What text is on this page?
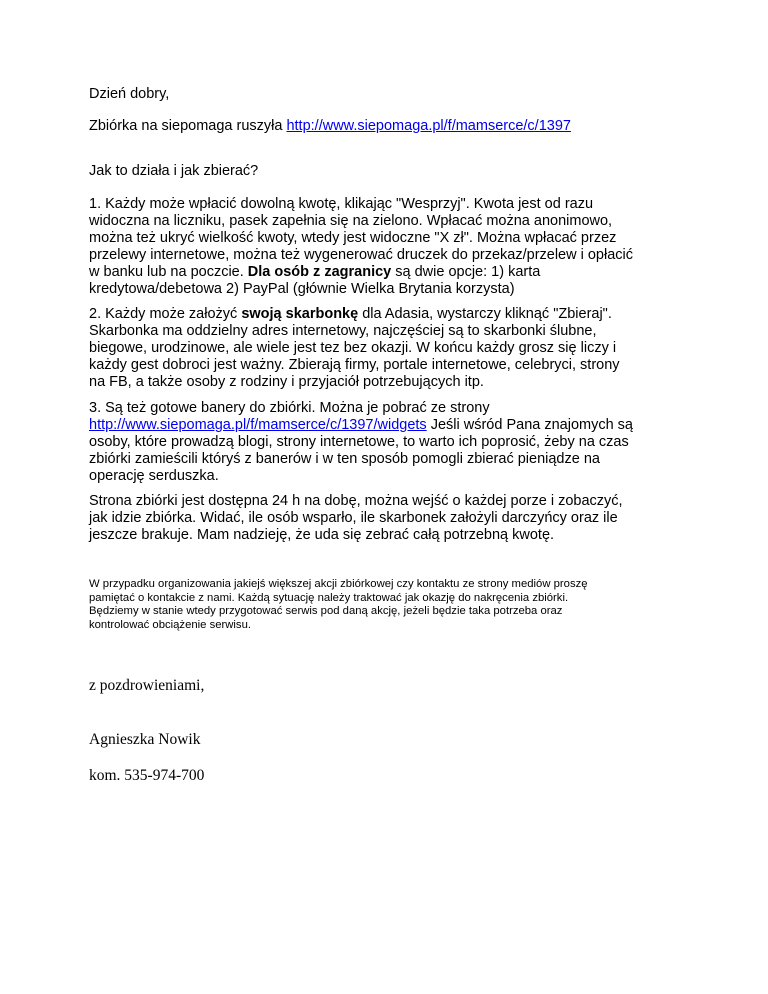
Dzień dobry,

Zbiórka na siepomaga ruszyła http://www.siepomaga.pl/f/mamserce/c/1397

Jak to działa i jak zbierać?

1. Każdy może wpłacić dowolną kwotę, klikając "Wesprzyj". Kwota jest od razu
widoczna na liczniku, pasek zapełnia się na zielono. Wpłacać można anonimowo,
można też ukryć wielkość kwoty, wtedy jest widoczne "X zł". Można wpłacać przez
przelewy internetowe, można też wygenerować druczek do przekaz/przelew i opłacić
w banku lub na poczcie. Dla osób z zagranicy są dwie opcje: 1) karta
kredytowa/debetowa 2) PayPal (głównie Wielka Brytania korzysta)

2. Każdy może założyć swoją skarbonkę dla Adasia, wystarczy kliknąć "Zbieraj".
Skarbonka ma oddzielny adres internetowy, najczęściej są to skarbonki ślubne,
biegowe, urodzinowe, ale wiele jest tez bez okazji. W końcu każdy grosz się liczy i
każdy gest dobroci jest ważny. Zbierają firmy, portale internetowe, celebryci, strony
na FB, a także osoby z rodziny i przyjaciół potrzebujących itp.

3. Są też gotowe banery do zbiórki. Można je pobrać ze strony
http://www.siepomaga.pl/f/mamserce/c/1397/widgets Jeśli wśród Pana znajomych są
osoby, które prowadzą blogi, strony internetowe, to warto ich poprosić, żeby na czas
zbiórki zamieścili któryś z banerów i w ten sposób pomogli zbierać pieniądze na
operację serduszka.

Strona zbiórki jest dostępna 24 h na dobę, można wejść o każdej porze i zobaczyć,
jak idzie zbiórka. Widać, ile osób wsparło, ile skarbonek założyli darczyńcy oraz ile
jeszcze brakuje. Mam nadzieję, że uda się zebrać całą potrzebną kwotę.

W przypadku organizowania jakiejś większej akcji zbiórkowej czy kontaktu ze strony mediów proszę
pamiętać o kontakcie z nami. Każdą sytuację należy traktować jak okazję do nakręcenia zbiórki.
Będziemy w stanie wtedy przygotować serwis pod daną akcję, jeżeli będzie taka potrzeba oraz
kontrolować obciążenie serwisu.

z pozdrowieniami,

Agnieszka Nowik

kom. 535-974-700
